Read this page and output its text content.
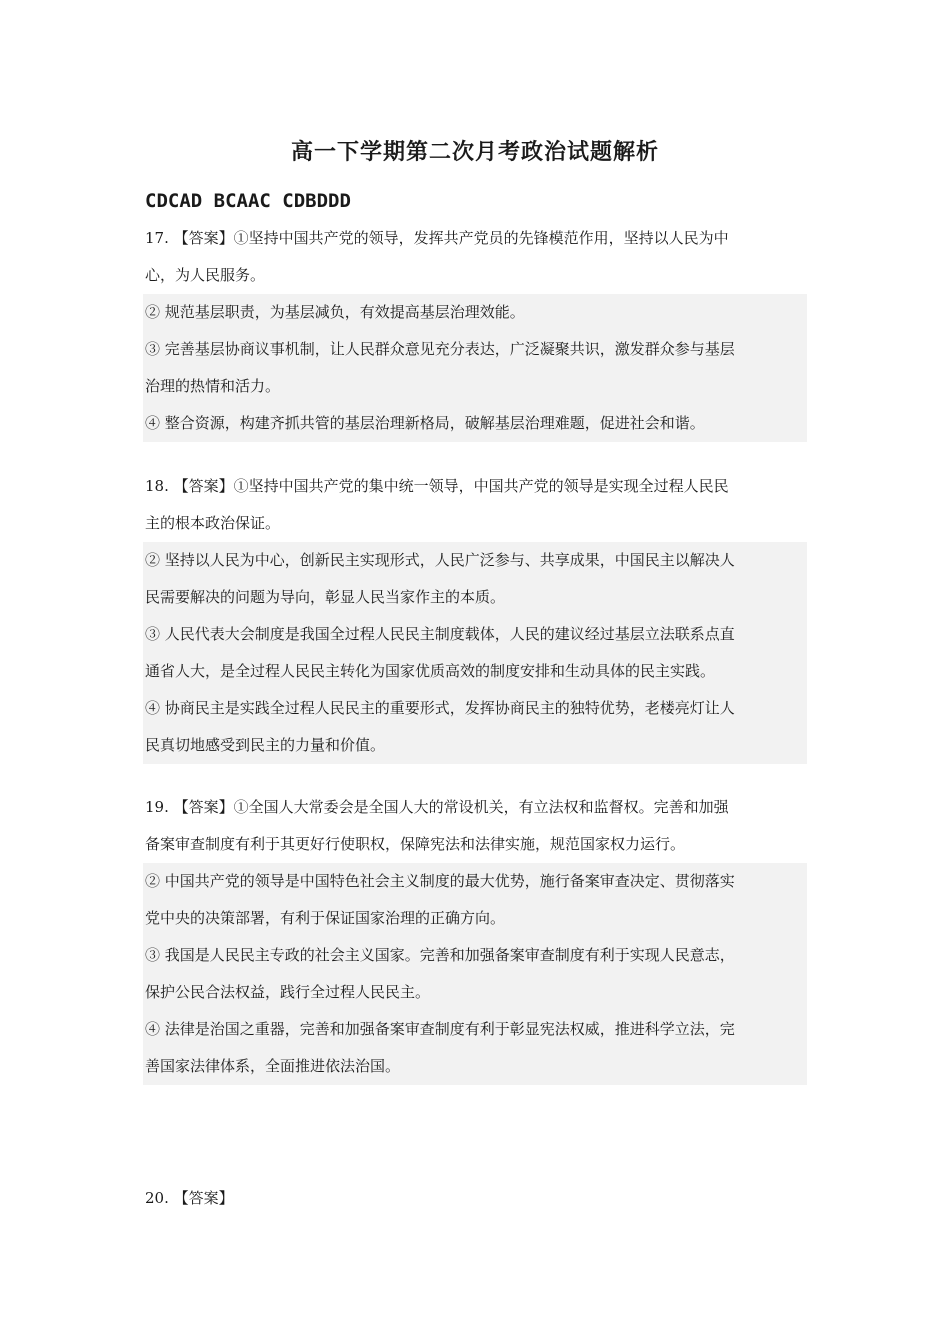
高一下学期第二次月考政治试题解析
CDCAD BCAAC CDBDDD
17. 【答案】①坚持中国共产党的领导，发挥共产党员的先锋模范作用，坚持以人民为中
心，为人民服务。
② 规范基层职责，为基层减负，有效提高基层治理效能。
③ 完善基层协商议事机制，让人民群众意见充分表达，广泛凝聚共识，激发群众参与基层
治理的热情和活力。
④ 整合资源，构建齐抓共管的基层治理新格局，破解基层治理难题，促进社会和谐。
18. 【答案】①坚持中国共产党的集中统一领导，中国共产党的领导是实现全过程人民民
主的根本政治保证。
② 坚持以人民为中心，创新民主实现形式，人民广泛参与、共享成果，中国民主以解决人
民需要解决的问题为导向，彰显人民当家作主的本质。
③ 人民代表大会制度是我国全过程人民民主制度载体，人民的建议经过基层立法联系点直
通省人大，是全过程人民民主转化为国家优质高效的制度安排和生动具体的民主实践。
④ 协商民主是实践全过程人民民主的重要形式，发挥协商民主的独特优势，老楼亮灯让人
民真切地感受到民主的力量和价值。
19. 【答案】①全国人大常委会是全国人大的常设机关，有立法权和监督权。完善和加强
备案审查制度有利于其更好行使职权，保障宪法和法律实施，规范国家权力运行。
② 中国共产党的领导是中国特色社会主义制度的最大优势，施行备案审查决定、贯彻落实
党中央的决策部署，有利于保证国家治理的正确方向。
③ 我国是人民民主专政的社会主义国家。完善和加强备案审查制度有利于实现人民意志，
保护公民合法权益，践行全过程人民民主。
④ 法律是治国之重器，完善和加强备案审查制度有利于彰显宪法权威，推进科学立法，完
善国家法律体系，全面推进依法治国。
20. 【答案】
